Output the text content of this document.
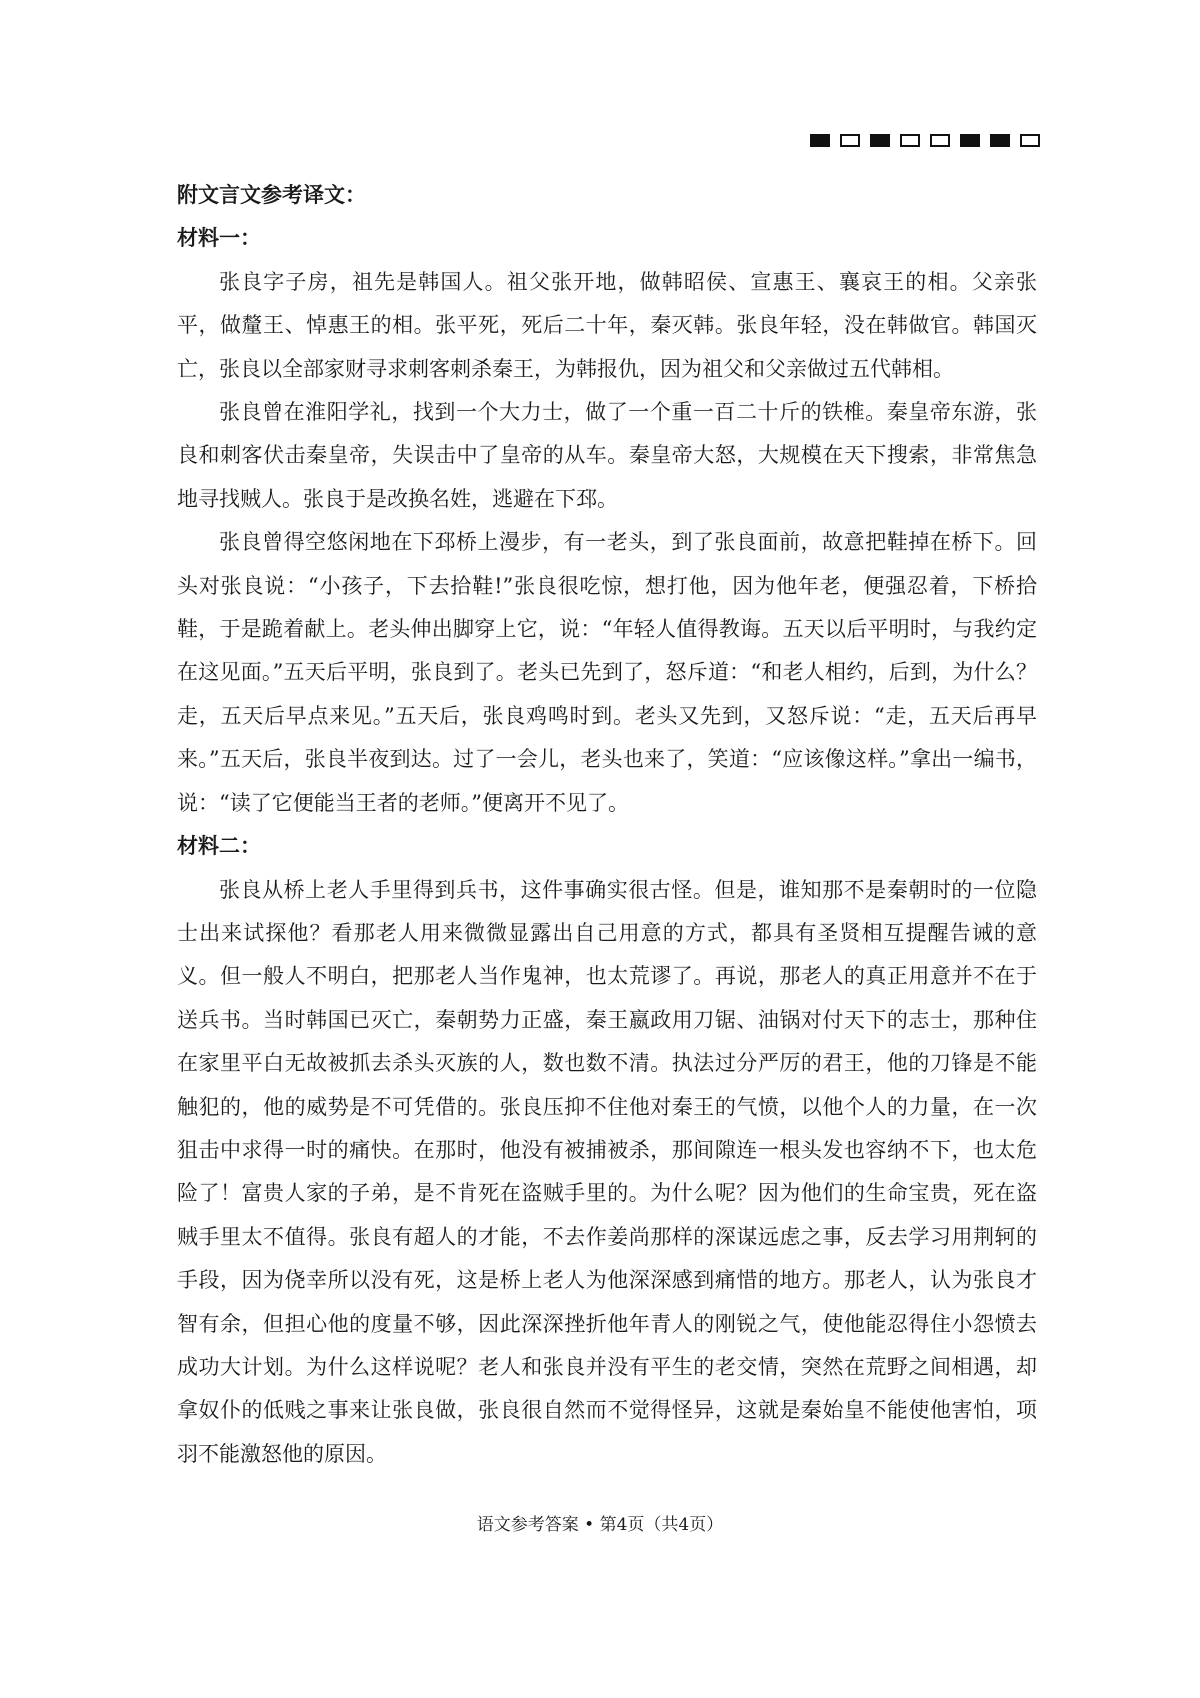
附文言文参考译文：

材料一：

张良字子房，祖先是韩国人。祖父张开地，做韩昭侯、宣惠王、襄哀王的相。父亲张平，做釐王、悼惠王的相。张平死，死后二十年，秦灭韩。张良年轻，没在韩做官。韩国灭亡，张良以全部家财寻求刺客刺杀秦王，为韩报仇，因为祖父和父亲做过五代韩相。

张良曾在淮阳学礼，找到一个大力士，做了一个重一百二十斤的铁椎。秦皇帝东游，张良和刺客伏击秦皇帝，失误击中了皇帝的从车。秦皇帝大怒，大规模在天下搜索，非常焦急地寻找贼人。张良于是改换名姓，逃避在下邳。

张良曾得空悠闲地在下邳桥上漫步，有一老头，到了张良面前，故意把鞋掉在桥下。回头对张良说：“小孩子，下去拾鞋!”张良很吃惊，想打他，因为他年老，便强忍着，下桥拾鞋，于是跪着献上。老头伸出脚穿上它，说：“年轻人值得教诲。五天以后平明时，与我约定在这见面。”五天后平明，张良到了。老头已先到了，怒斥道：“和老人相约，后到，为什么？走，五天后早点来见。”五天后，张良鸡鸣时到。老头又先到，又怒斥说：“走，五天后再早来。”五天后，张良半夜到达。过了一会儿，老头也来了，笑道：“应该像这样。”拿出一编书，说：“读了它便能当王者的老师。”便离开不见了。

材料二：

张良从桥上老人手里得到兵书，这件事确实很古怪。但是，谁知那不是秦朝时的一位隐士出来试探他？看那老人用来微微显露出自己用意的方式，都具有圣贤相互提醒告诫的意义。但一般人不明白，把那老人当作鬼神，也太荒谬了。再说，那老人的真正用意并不在于送兵书。当时韩国已灭亡，秦朝势力正盛，秦王嬴政用刀锯、油锅对付天下的志士，那种住在家里平白无故被抓去杀头灭族的人，数也数不清。执法过分严厉的君王，他的刀锋是不能触犯的，他的威势是不可凭借的。张良压抑不住他对秦王的气愤，以他个人的力量，在一次狙击中求得一时的痛快。在那时，他没有被捕被杀，那间隙连一根头发也容纳不下，也太危险了！富贵人家的子弟，是不肯死在盗贼手里的。为什么呢？因为他们的生命宝贵，死在盗贼手里太不值得。张良有超人的才能，不去作姜尚那样的深谋远虑之事，反去学习用荆轲的手段，因为侥幸所以没有死，这是桥上老人为他深深感到痛惜的地方。那老人，认为张良才智有余，但担心他的度量不够，因此深深挫折他年青人的刚锐之气，使他能忍得住小怨愤去成功大计划。为什么这样说呢？老人和张良并没有平生的老交情，突然在荒野之间相遇，却拿奴仆的低贱之事来让张良做，张良很自然而不觉得怪异，这就是秦始皇不能使他害怕，项羽不能激怒他的原因。

语文参考答案 • 第4页（共4页）
